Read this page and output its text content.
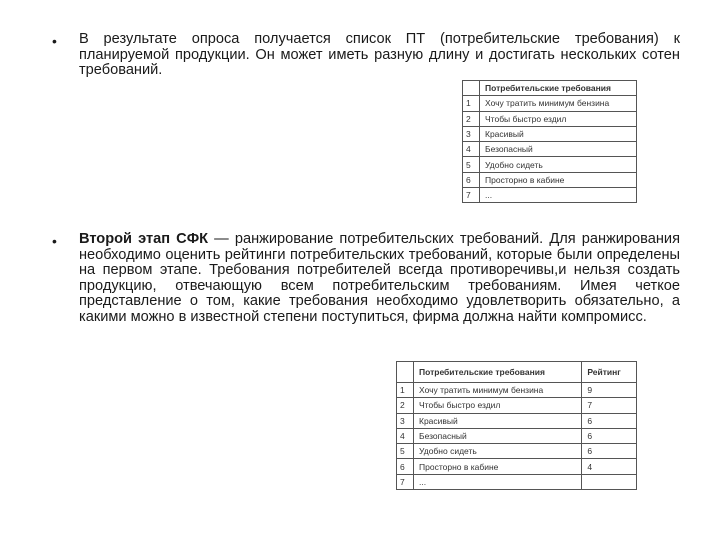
• В результате опроса получается список ПТ (потребительские требования) к планируемой продукции. Он может иметь разную длину и достигать нескольких сотен требований.
	Потребительские требования
1	Хочу тратить минимум бензина
2	Чтобы быстро ездил
3	Красивый
4	Безопасный
5	Удобно сидеть
6	Просторно в кабине
7	...
• Второй этап СФК — ранжирование потребительских требований. Для ранжирования необходимо оценить рейтинги потребительских требований, которые были определены на первом этапе. Требования потребителей всегда противоречивы,и нельзя создать продукцию, отвечающую всем потребительским требованиям. Имея четкое представление о том, какие требования необходимо удовлетворить обязательно, а какими можно в известной степени поступиться, фирма должна найти компромисс.
	Потребительские требования	Рейтинг
1	Хочу тратить минимум бензина	9
2	Чтобы быстро ездил	7
3	Красивый	6
4	Безопасный	6
5	Удобно сидеть	6
6	Просторно в кабине	4
7	...	
